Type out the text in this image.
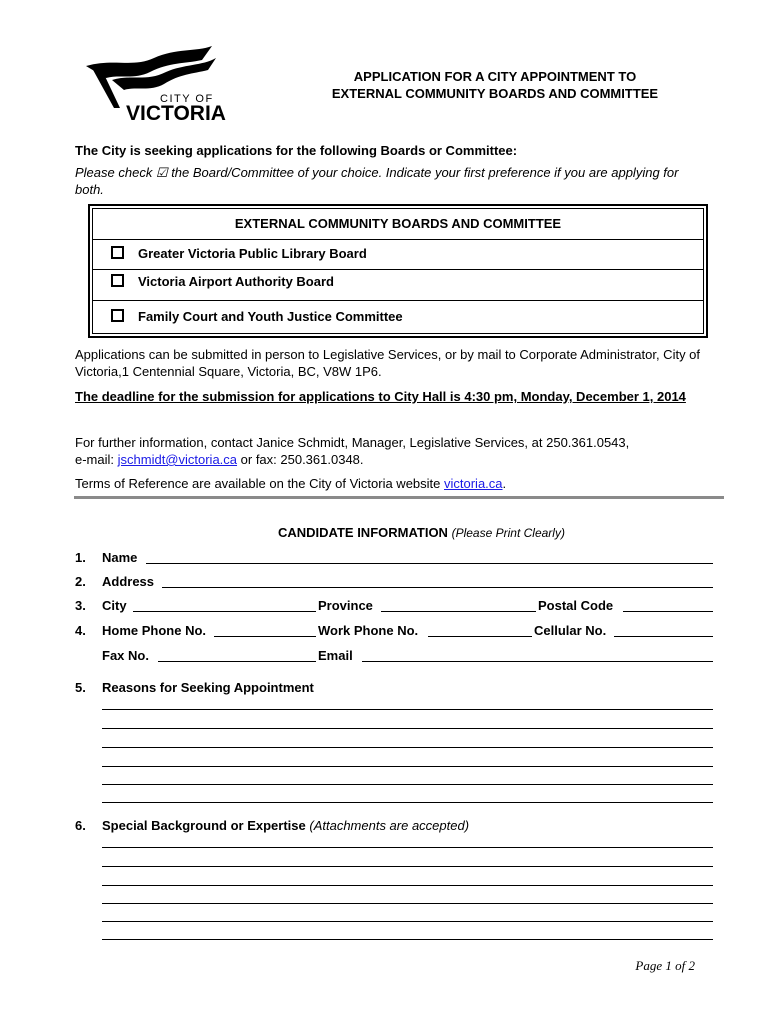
CITY OF
VICTORIA
APPLICATION FOR A CITY APPOINTMENT TO
EXTERNAL COMMUNITY BOARDS AND COMMITTEE
The City is seeking applications for the following Boards or Committee:
Please check ☑ the Board/Committee of your choice. Indicate your first preference if you are applying for both.
EXTERNAL COMMUNITY BOARDS AND COMMITTEE
Greater Victoria Public Library Board
Victoria Airport Authority Board
Family Court and Youth Justice Committee
Applications can be submitted in person to Legislative Services, or by mail to Corporate Administrator, City of Victoria,1 Centennial Square, Victoria, BC, V8W 1P6.
The deadline for the submission for applications to City Hall is 4:30 pm, Monday, December 1, 2014
For further information, contact Janice Schmidt, Manager, Legislative Services, at 250.361.0543,
e-mail: jschmidt@victoria.ca or fax: 250.361.0348.
Terms of Reference are available on the City of Victoria website victoria.ca.
CANDIDATE INFORMATION (Please Print Clearly)
1. Name
2. Address
3. City	Province	Postal Code
4. Home Phone No.	Work Phone No.	Cellular No.
Fax No.	Email
5. Reasons for Seeking Appointment
6. Special Background or Expertise (Attachments are accepted)
Page 1 of 2
